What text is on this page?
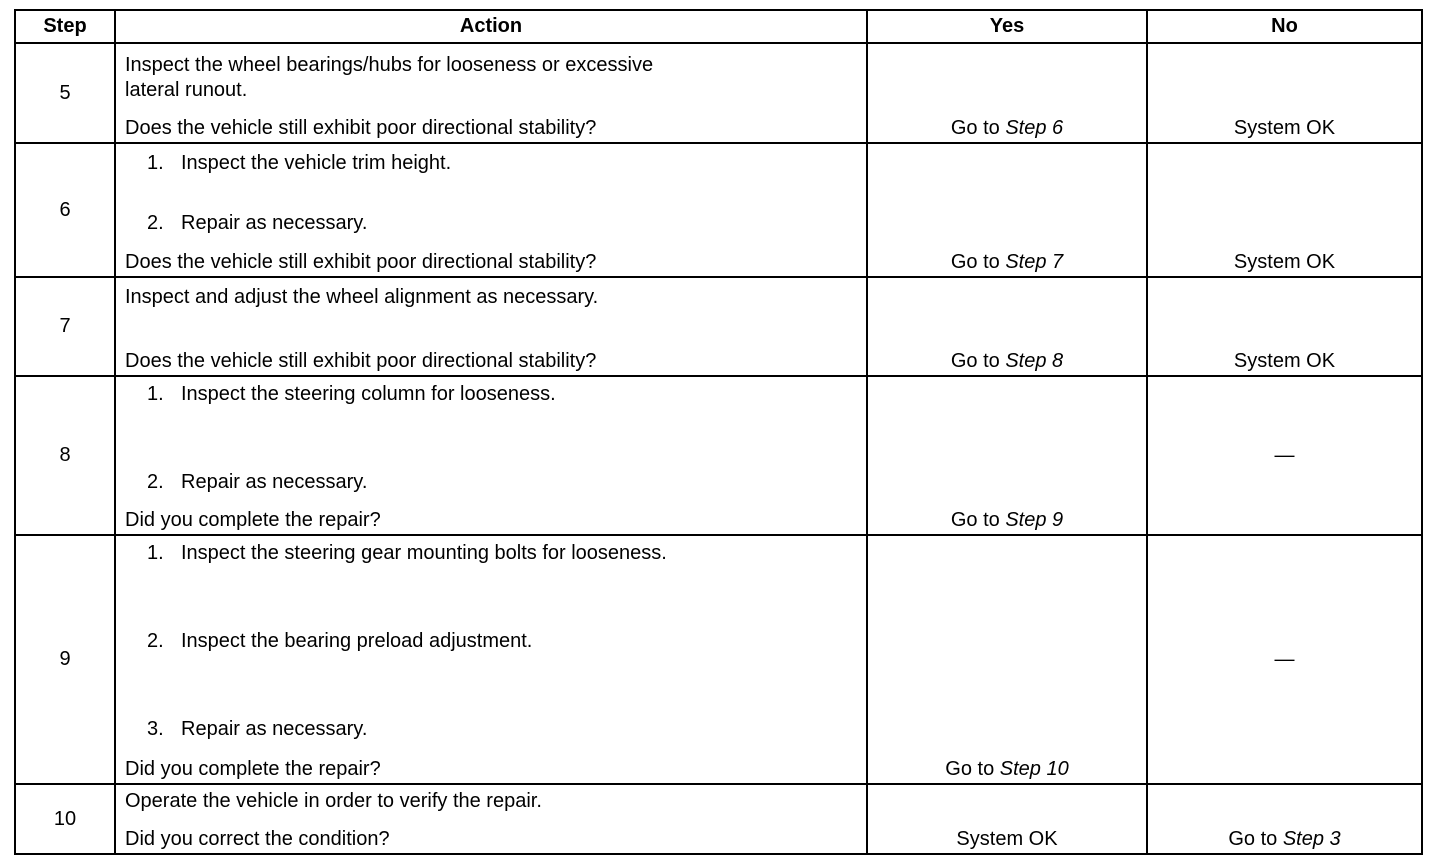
Step	Action	Yes	No
5	Inspect the wheel bearings/hubs for looseness or excessive
lateral runout.
Does the vehicle still exhibit poor directional stability?	Go to Step 6	System OK

6	1. Inspect the vehicle trim height.
2. Repair as necessary.
Does the vehicle still exhibit poor directional stability?	Go to Step 7	System OK

7	Inspect and adjust the wheel alignment as necessary.
Does the vehicle still exhibit poor directional stability?	Go to Step 8	System OK

8	1. Inspect the steering column for looseness.
2. Repair as necessary.
Did you complete the repair?	Go to Step 9	—

9	1. Inspect the steering gear mounting bolts for looseness.
2. Inspect the bearing preload adjustment.
3. Repair as necessary.
Did you complete the repair?	Go to Step 10	—

10	Operate the vehicle in order to verify the repair.
Did you correct the condition?	System OK	Go to Step 3
